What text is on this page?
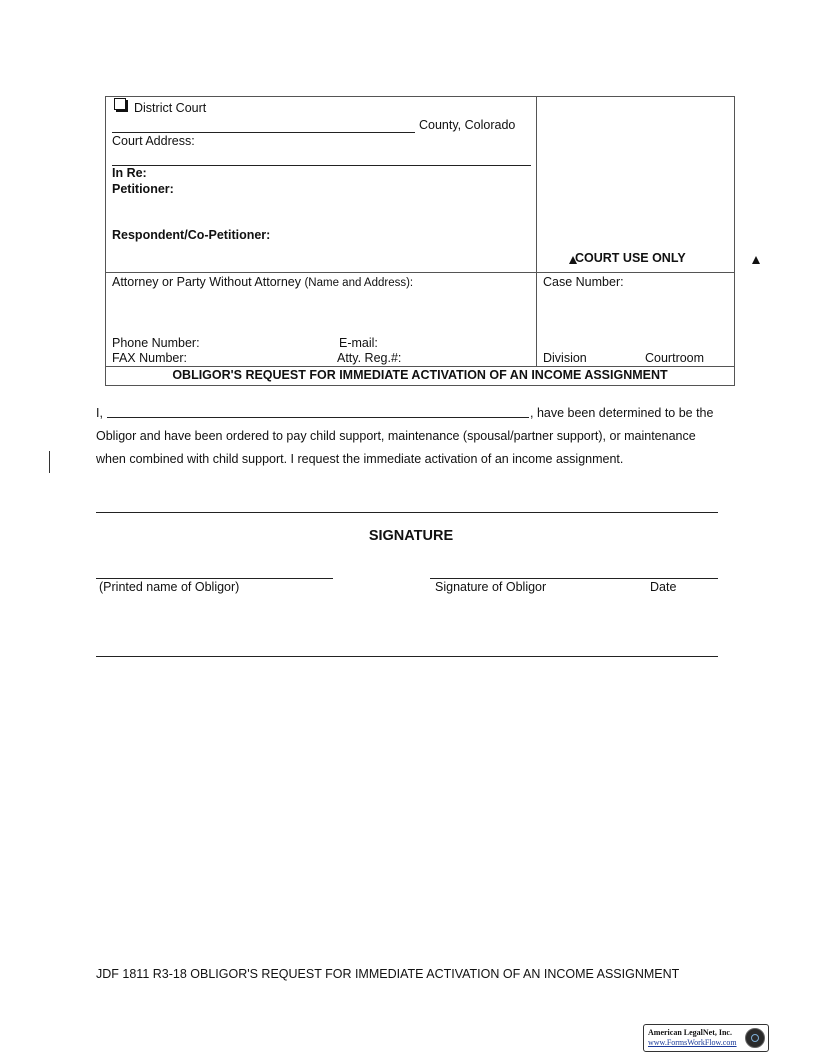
District Court
County, Colorado
Court Address:
In Re:
Petitioner:
Respondent/Co-Petitioner:
COURT USE ONLY
Attorney or Party Without Attorney (Name and Address):
Phone Number:	E-mail:
FAX Number:	Atty. Reg.#:
Case Number:
Division	Courtroom
OBLIGOR'S REQUEST FOR IMMEDIATE ACTIVATION OF AN INCOME ASSIGNMENT
I,	, have been determined to be the
Obligor and have been ordered to pay child support, maintenance (spousal/partner support), or maintenance
when combined with child support. I request the immediate activation of an income assignment.
SIGNATURE
(Printed name of Obligor)	Signature of Obligor	Date
JDF 1811 R3-18 OBLIGOR'S REQUEST FOR IMMEDIATE ACTIVATION OF AN INCOME ASSIGNMENT
American LegalNet, Inc.
www.FormsWorkFlow.com
